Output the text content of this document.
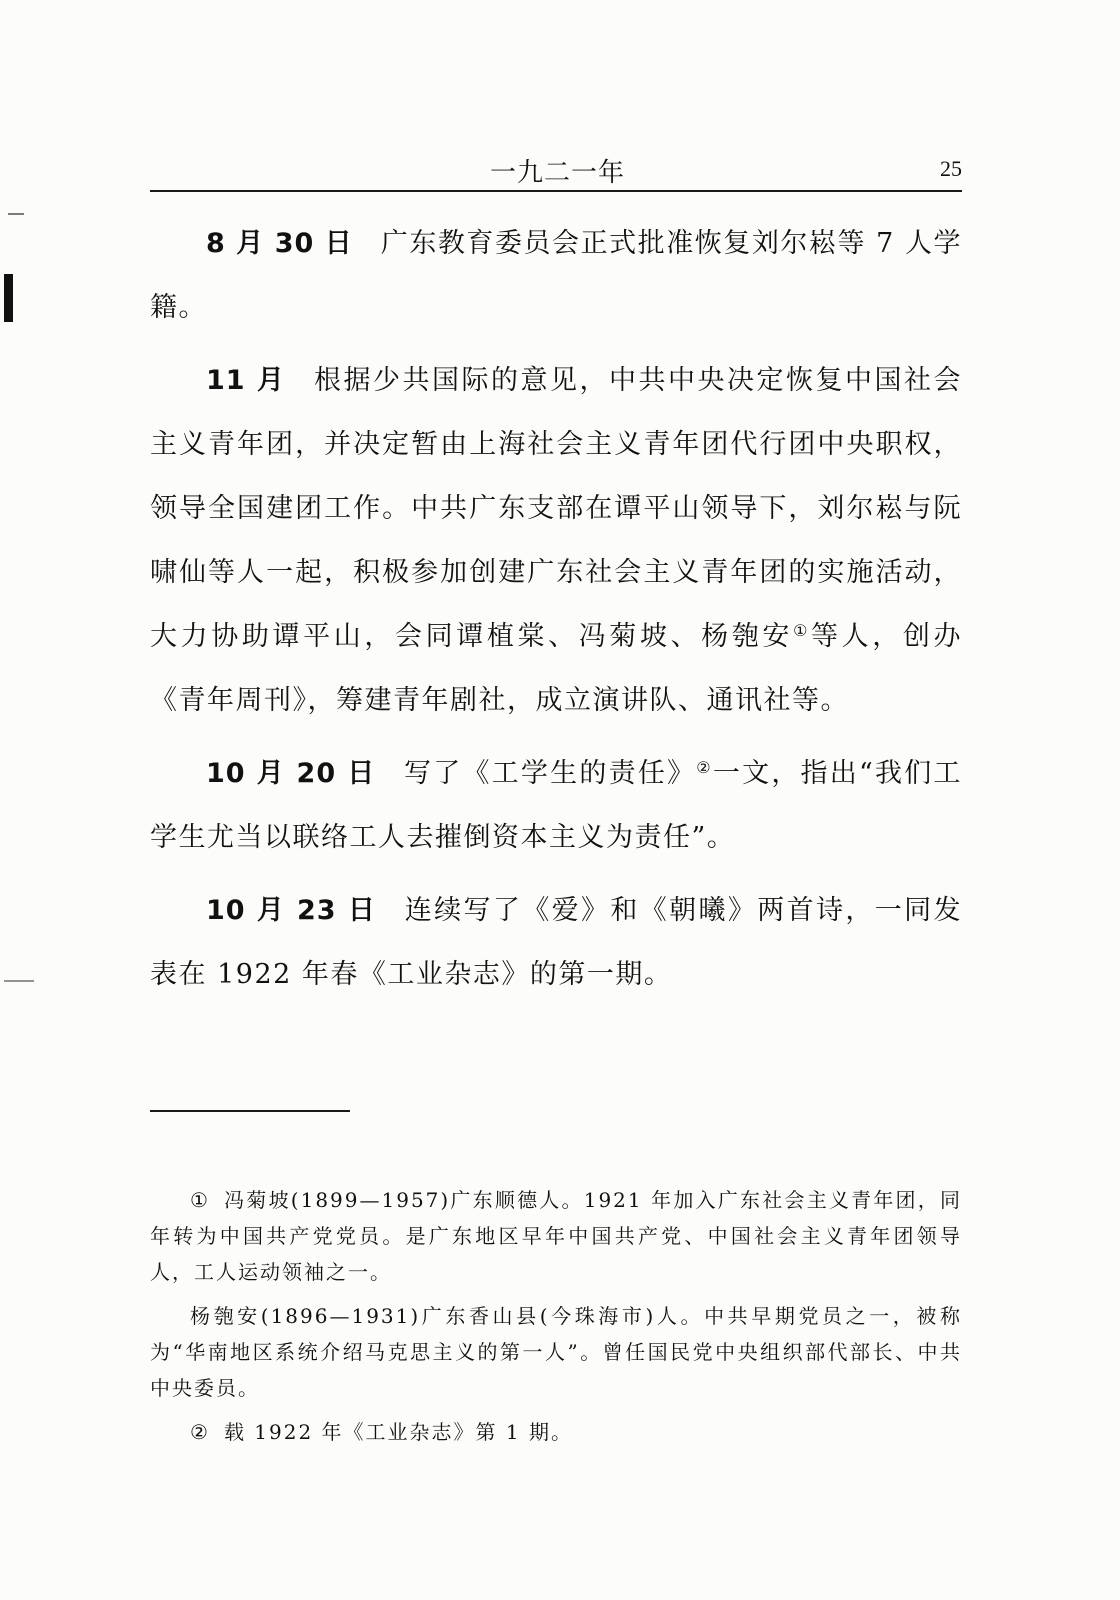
一九二一年	25

8 月 30 日 广东教育委员会正式批准恢复刘尔崧等 7 人学籍。

11 月 根据少共国际的意见，中共中央决定恢复中国社会主义青年团，并决定暂由上海社会主义青年团代行团中央职权，领导全国建团工作。中共广东支部在谭平山领导下，刘尔崧与阮啸仙等人一起，积极参加创建广东社会主义青年团的实施活动，大力协助谭平山，会同谭植棠、冯菊坡、杨匏安①等人，创办《青年周刊》，筹建青年剧社，成立演讲队、通讯社等。

10 月 20 日 写了《工学生的责任》②一文，指出“我们工学生尤当以联络工人去摧倒资本主义为责任”。

10 月 23 日 连续写了《爱》和《朝曦》两首诗，一同发表在 1922 年春《工业杂志》的第一期。

① 冯菊坡(1899—1957)广东顺德人。1921 年加入广东社会主义青年团，同年转为中国共产党党员。是广东地区早年中国共产党、中国社会主义青年团领导人，工人运动领袖之一。

杨匏安(1896—1931)广东香山县(今珠海市)人。中共早期党员之一，被称为“华南地区系统介绍马克思主义的第一人”。曾任国民党中央组织部代部长、中共中央委员。

② 载 1922 年《工业杂志》第 1 期。
